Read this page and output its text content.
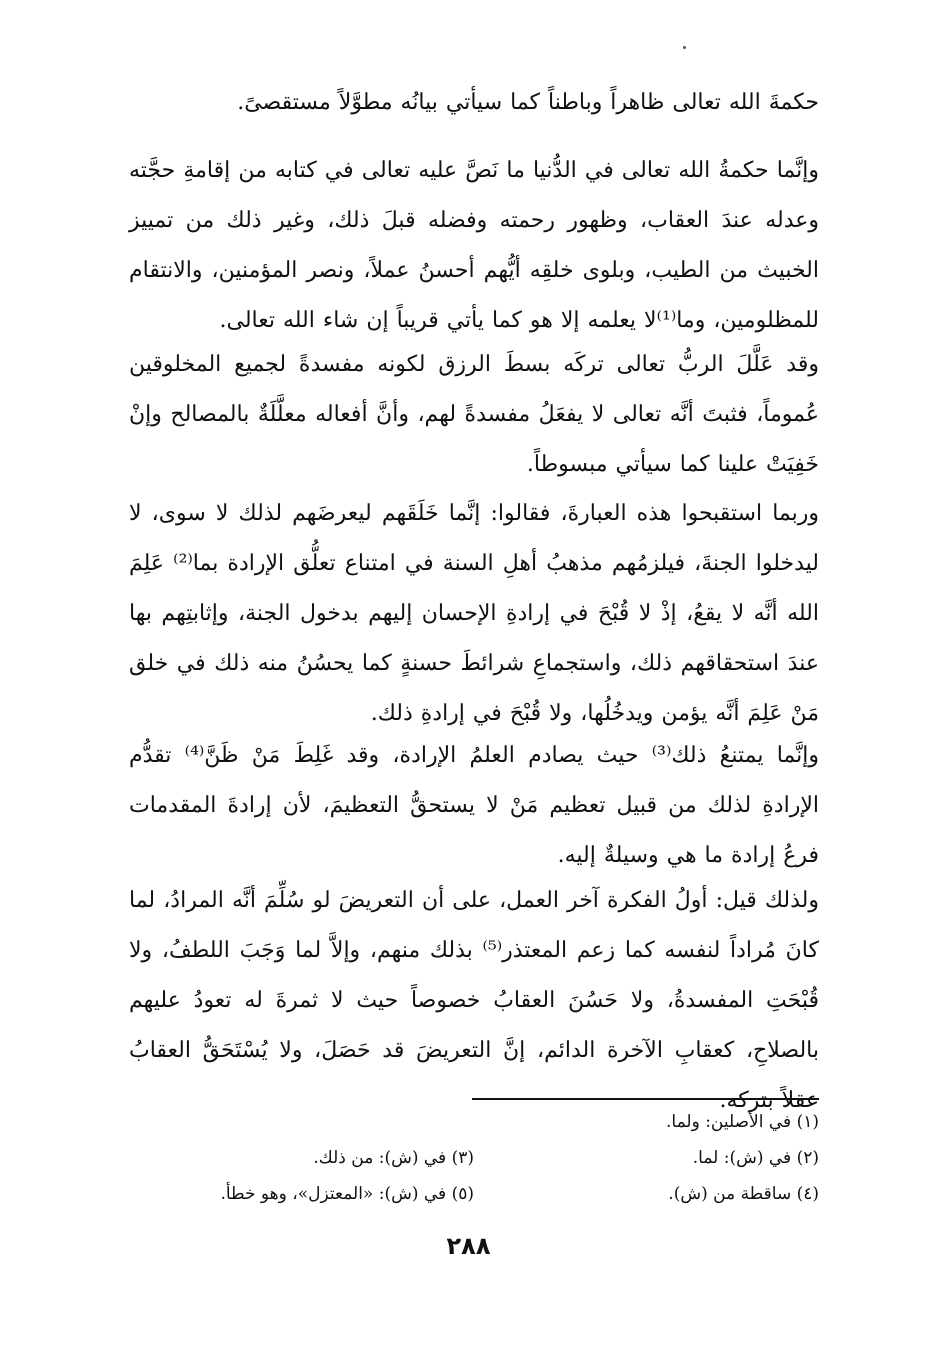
حكمةَ الله تعالى ظاهراً وباطناً كما سيأتي بيانُه مطوَّلاً مستقصىً.

وإنَّما حكمةُ الله تعالى في الدُّنيا ما نَصَّ عليه تعالى في كتابه من إقامةِ حجَّته وعدله عندَ العقاب، وظهور رحمته وفضله قبلَ ذلك، وغير ذلك من تمييز الخبيث من الطيب، وبلوى خلقِه أيُّهم أحسنُ عملاً، ونصر المؤمنين، والانتقام للمظلومين، وما⁽¹⁾لا يعلمه إلا هو كما يأتي قريباً إن شاء الله تعالى.

وقد عَلَّلَ الربُّ تعالى تركَه بسطَ الرزق لكونه مفسدةً لجميع المخلوقين عُموماً، فثبتَ أنَّه تعالى لا يفعَلُ مفسدةً لهم، وأنَّ أفعاله معلَّلَةٌ بالمصالح وإنْ خَفِيَتْ علينا كما سيأتي مبسوطاً.

وربما استقبحوا هذه العبارةَ، فقالوا: إنَّما خَلَقَهم ليعرضَهم لذلك لا سوى، لا ليدخلوا الجنةَ، فيلزمُهم مذهبُ أهلِ السنة في امتناع تعلُّق الإرادة بما⁽²⁾ عَلِمَ الله أنَّه لا يقعُ، إذْ لا قُبْحَ في إرادةِ الإحسان إليهم بدخول الجنة، وإثابتِهم بها عندَ استحقاقهم ذلك، واستجماعِ شرائطَ حسنةٍ كما يحسُنُ منه ذلك في خلق مَنْ عَلِمَ أنَّه يؤمن ويدخُلُها، ولا قُبْحَ في إرادةِ ذلك.

وإنَّما يمتنعُ ذلك⁽³⁾ حيث يصادم العلمُ الإرادة، وقد غَلِطَ مَنْ ظَنَّ⁽⁴⁾ تقدُّم الإرادةِ لذلك من قبيل تعظيم مَنْ لا يستحقُّ التعظيمَ، لأن إرادةَ المقدمات فرعُ إرادة ما هي وسيلةٌ إليه.

ولذلك قيل: أولُ الفكرة آخر العمل، على أن التعريضَ لو سُلِّمَ أنَّه المرادُ، لما كانَ مُراداً لنفسه كما زعم المعتذر⁽⁵⁾ بذلك منهم، وإلاَّ لما وَجَبَ اللطفُ، ولا قُبْحَتِ المفسدةُ، ولا حَسُنَ العقابُ خصوصاً حيث لا ثمرةَ له تعودُ عليهم بالصلاحِ، كعقابِ الآخرة الدائم، إنَّ التعريضَ قد حَصَلَ، ولا يُسْتَحَقُّ العقابُ عقلاً بتركه.

(١) في الأصلين: ولما.
(٢) في (ش): لما.
(٣) في (ش): من ذلك.
(٤) ساقطة من (ش).
(٥) في (ش): «المعتزل»، وهو خطأ.
٢٨٨
